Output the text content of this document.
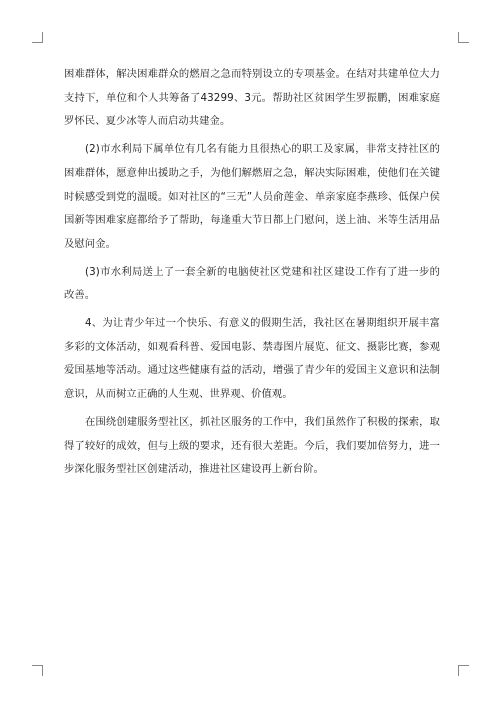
困难群体，解决困难群众的燃眉之急而特别设立的专项基金。在结对共建单位大力支持下，单位和个人共筹备了43299、3元。帮助社区贫困学生罗振鹏，困难家庭罗怀民、夏少冰等人而启动共建金。

(2)市水利局下属单位有几名有能力且很热心的职工及家属，非常支持社区的困难群体，愿意伸出援助之手，为他们解燃眉之急，解决实际困难，使他们在关键时候感受到党的温暖。如对社区的“三无”人员俞莲金、单亲家庭李燕珍、低保户侯国新等困难家庭都给予了帮助，每逢重大节日都上门慰问，送上油、米等生活用品及慰问金。

(3)市水利局送上了一套全新的电脑使社区党建和社区建设工作有了进一步的改善。

4、为让青少年过一个快乐、有意义的假期生活，我社区在暑期组织开展丰富多彩的文体活动，如观看科普、爱国电影、禁毒图片展览、征文、摄影比赛，参观爱国基地等活动。通过这些健康有益的活动，增强了青少年的爱国主义意识和法制意识，从而树立正确的人生观、世界观、价值观。

在围绕创建服务型社区，抓社区服务的工作中，我们虽然作了积极的探索，取得了较好的成效，但与上级的要求，还有很大差距。今后，我们要加倍努力，进一步深化服务型社区创建活动，推进社区建设再上新台阶。
